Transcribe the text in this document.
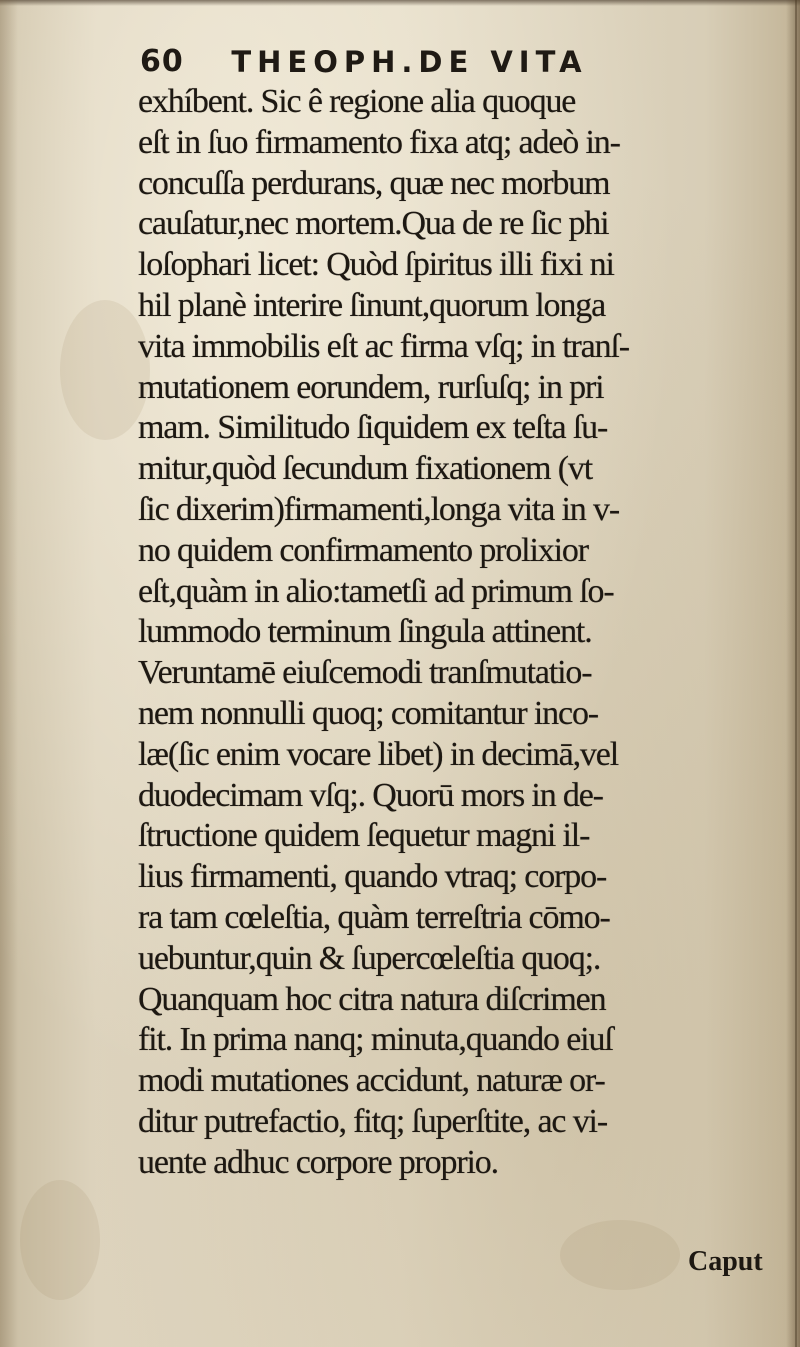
60 THEOPH.DE VITA
exhíbent. Sic ê regione alia quoque
eſt in ſuo firmamento fixa atq; adeò in-
concuſſa perdurans, quæ nec morbum
cauſatur,nec mortem.Qua de re ſic phi
loſophari licet: Quòd ſpiritus illi fixi ni
hil planè interire ſinunt,quorum longa
vita immobilis eſt ac firma vſq; in tranſ-
mutationem eorundem, rurſuſq; in pri
mam. Similitudo ſiquidem ex teſta ſu-
mitur,quòd ſecundum fixationem (vt
ſic dixerim)firmamenti,longa vita in v-
no quidem confirmamento prolixior
eſt,quàm in alio:tametſi ad primum ſo-
lummodo terminum ſingula attinent.
Veruntamē eiuſcemodi tranſmutatio-
nem nonnulli quoq; comitantur inco-
læ(ſic enim vocare libet) in decimā,vel
duodecimam vſq;. Quorū mors in de-
ſtructione quidem ſequetur magni il-
lius firmamenti, quando vtraq; corpo-
ra tam cœleſtia, quàm terreſtria cōmo-
uebuntur,quin & ſupercœleſtia quoq;.
Quanquam hoc citra natura diſcrimen
fit. In prima nanq; minuta,quando eiuſ
modi mutationes accidunt, naturæ or-
ditur putrefactio, fitq; ſuperſtite, ac vi-
uente adhuc corpore proprio.
Caput
